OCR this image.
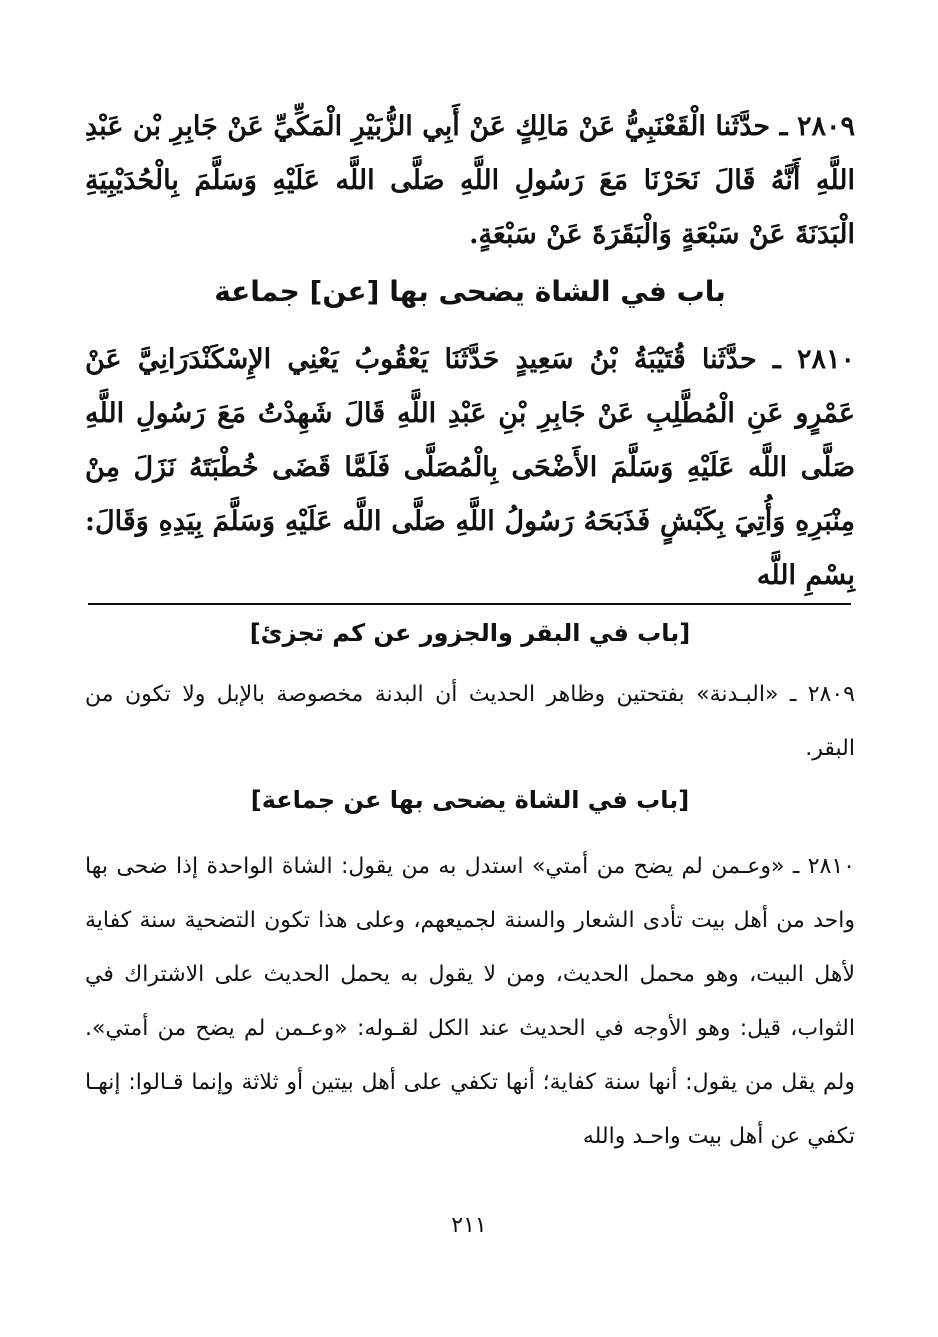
٢٨٠٩ ـ حدَّثَنا الْقَعْنَبِيُّ عَنْ مَالِكٍ عَنْ أَبِي الزُّبَيْرِ الْمَكِّيِّ عَنْ جَابِرِ بْن عَبْدِ اللَّهِ أَنَّهُ قَالَ نَحَرْنَا مَعَ رَسُولِ اللَّهِ صَلَّى اللَّه عَلَيْهِ وَسَلَّمَ بِالْحُدَيْبِيَةِ الْبَدَنَةَ عَنْ سَبْعَةٍ وَالْبَقَرَةَ عَنْ سَبْعَةٍ.

باب في الشاة يضحى بها [عن] جماعة

٢٨١٠ ـ حدَّثَنا قُتَيْبَةُ بْنُ سَعِيدٍ حَدَّثَنَا يَعْقُوبُ يَعْنِي الإِسْكَنْدَرَانِيَّ عَنْ عَمْرٍو عَنِ الْمُطَّلِبِ عَنْ جَابِرِ بْنِ عَبْدِ اللَّهِ قَالَ شَهِدْتُ مَعَ رَسُولِ اللَّهِ صَلَّى اللَّه عَلَيْهِ وَسَلَّمَ الأَضْحَى بِالْمُصَلَّى فَلَمَّا قَضَى خُطْبَتَهُ نَزَلَ مِنْ مِنْبَرِهِ وَأُتِيَ بِكَبْشٍ فَذَبَحَهُ رَسُولُ اللَّهِ صَلَّى اللَّه عَلَيْهِ وَسَلَّمَ بِيَدِهِ وَقَالَ: بِسْمِ اللَّه

[باب في البقر والجزور عن كم تجزئ]

٢٨٠٩ ـ «البـدنة» بفتحتين وظاهر الحديث أن البدنة مخصوصة بالإبل ولا تكون من البقر.

[باب في الشاة يضحى بها عن جماعة]

٢٨١٠ ـ «وعـمن لم يضح من أمتي» استدل به من يقول: الشاة الواحدة إذا ضحى بها واحد من أهل بيت تأدى الشعار والسنة لجميعهم، وعلى هذا تكون التضحية سنة كفاية لأهل البيت، وهو محمل الحديث، ومن لا يقول به يحمل الحديث على الاشتراك في الثواب، قيل: وهو الأوجه في الحديث عند الكل لقـوله: «وعـمن لم يضح من أمتي». ولم يقل من يقول: أنها سنة كفاية؛ أنها تكفي على أهل بيتين أو ثلاثة وإنما قـالوا: إنهـا تكفي عن أهل بيت واحـد والله

٢١١
